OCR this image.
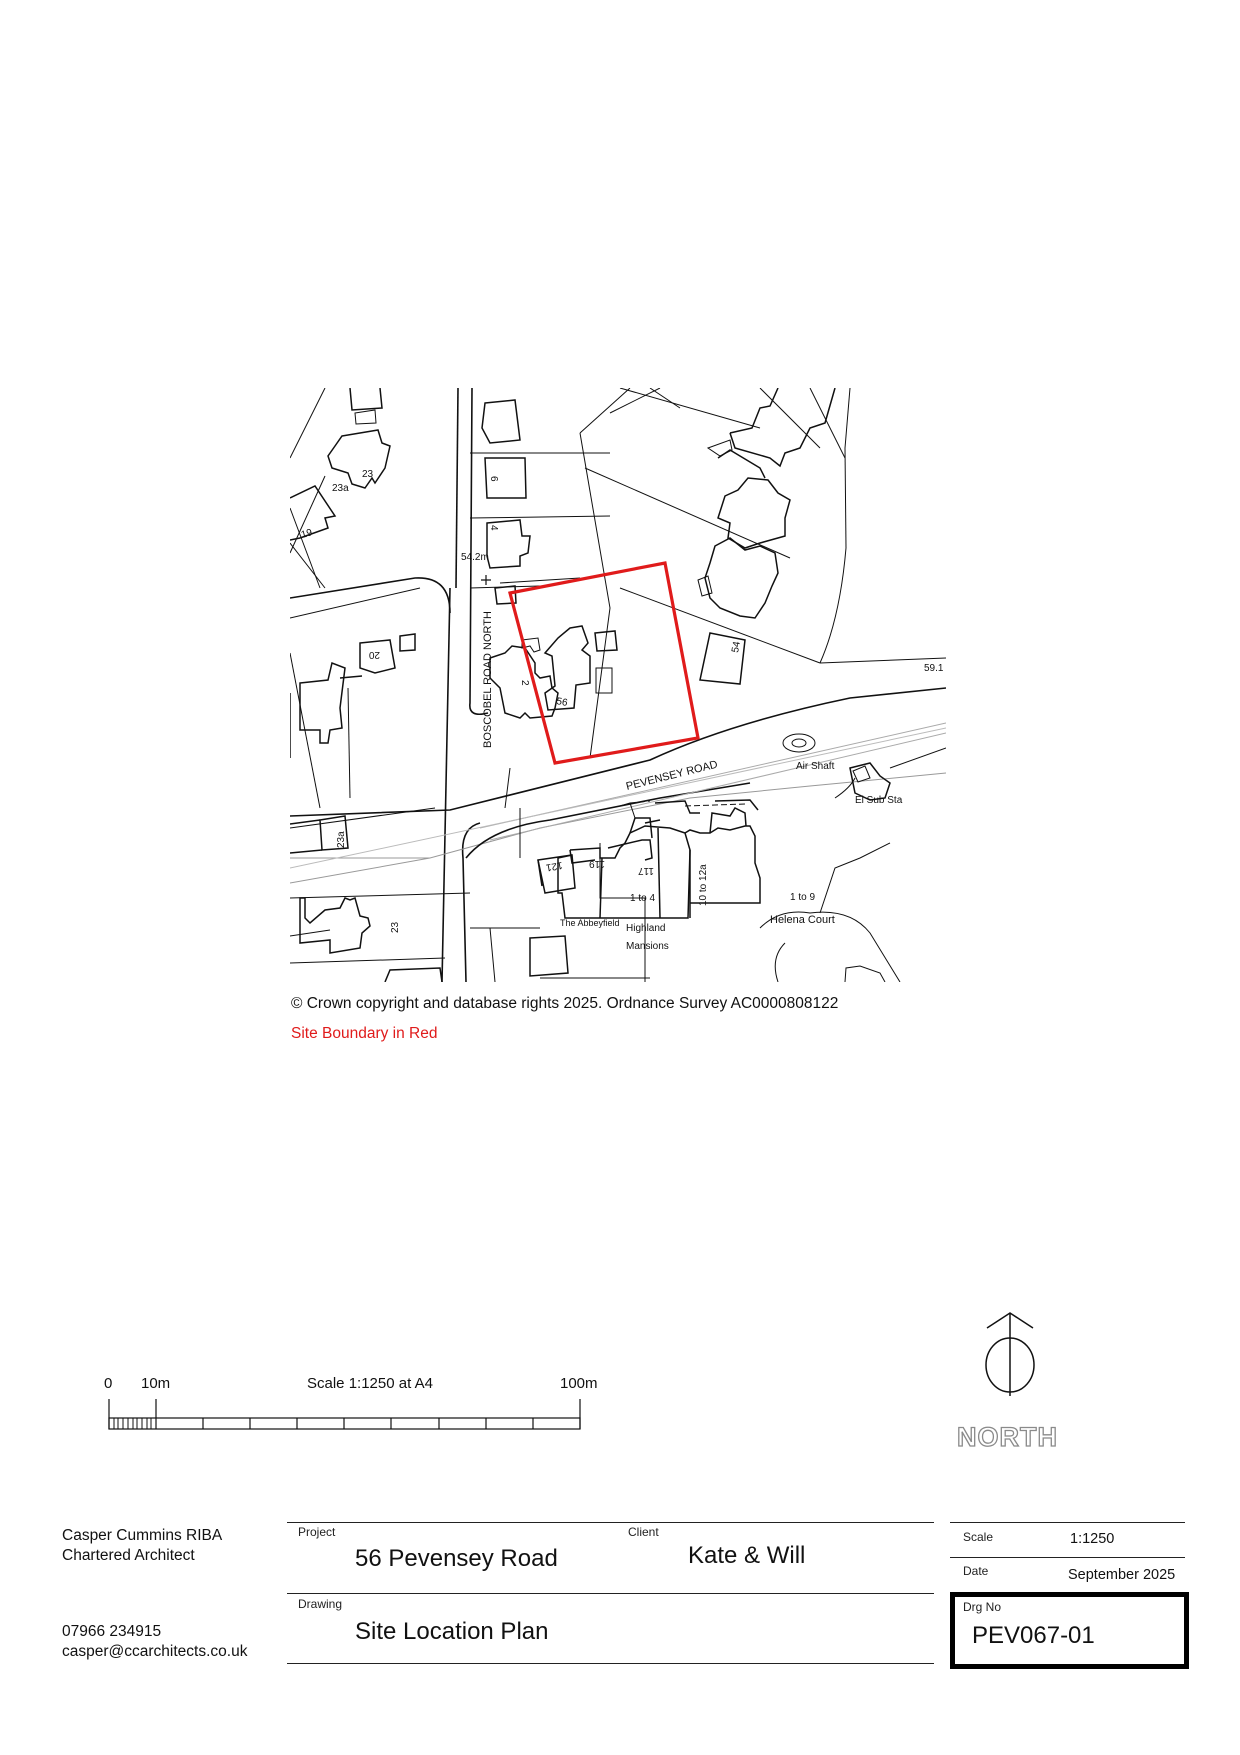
BOSCOBEL ROAD NORTH
PEVENSEY ROAD	Air Shaft
El Sub Sta
54.2m
59.1
23
23a
19
20
6
4
2
56
54
23a
23
121	119
117
1 to 4	10 to 12a	1 to 9
The Abbeyfield Highland
Mansions
Helena Court
© Crown copyright and database rights 2025. Ordnance Survey AC0000808122
Site Boundary in Red
0 10m	Scale 1:1250 at A4	100m
NORTH
Casper Cummins RIBA
Chartered Architect
07966 234915
casper@ccarchitects.co.uk
Project
56 Pevensey Road
Client
Kate & Will
Drawing
Site Location Plan
Scale	1:1250
Date	September 2025
Drg No
PEV067-01
